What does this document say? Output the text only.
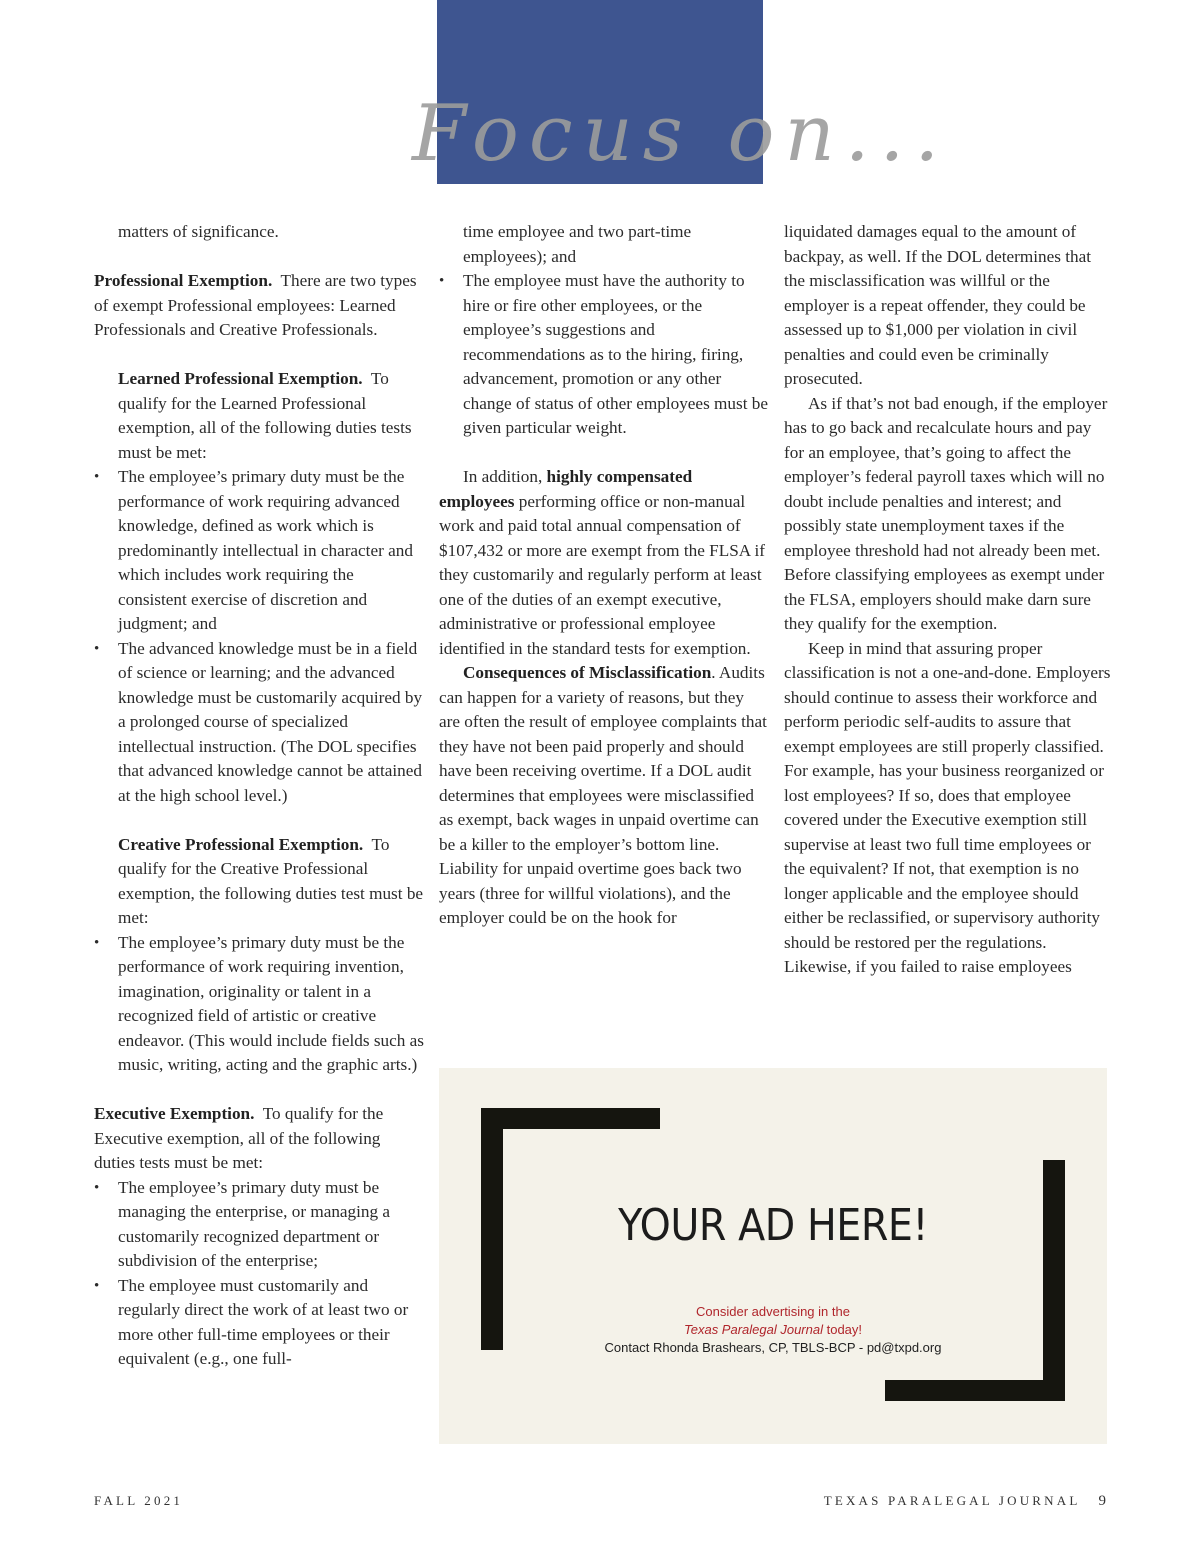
Focus on...

matters of significance.

Professional Exemption. There are two types of exempt Professional employees: Learned Professionals and Creative Professionals.

Learned Professional Exemption. To qualify for the Learned Professional exemption, all of the following duties tests must be met:

• The employee’s primary duty must be the performance of work requiring advanced knowledge, defined as work which is predominantly intellectual in character and which includes work requiring the consistent exercise of discretion and judgment; and
• The advanced knowledge must be in a field of science or learning; and the advanced knowledge must be customarily acquired by a prolonged course of specialized intellectual instruction. (The DOL specifies that advanced knowledge cannot be attained at the high school level.)

Creative Professional Exemption. To qualify for the Creative Professional exemption, the following duties test must be met:

• The employee’s primary duty must be the performance of work requiring invention, imagination, originality or talent in a recognized field of artistic or creative endeavor. (This would include fields such as music, writing, acting and the graphic arts.)

Executive Exemption. To qualify for the Executive exemption, all of the following duties tests must be met:

• The employee’s primary duty must be managing the enterprise, or managing a customarily recognized department or subdivision of the enterprise;
• The employee must customarily and regularly direct the work of at least two or more other full-time employees or their equivalent (e.g., one full-

time employee and two part-time employees); and

• The employee must have the authority to hire or fire other employees, or the employee’s suggestions and recommendations as to the hiring, firing, advancement, promotion or any other change of status of other employees must be given particular weight.

In addition, highly compensated employees performing office or non-manual work and paid total annual compensation of $107,432 or more are exempt from the FLSA if they customarily and regularly perform at least one of the duties of an exempt executive, administrative or professional employee identified in the standard tests for exemption.

Consequences of Misclassification. Audits can happen for a variety of reasons, but they are often the result of employee complaints that they have not been paid properly and should have been receiving overtime. If a DOL audit determines that employees were misclassified as exempt, back wages in unpaid overtime can be a killer to the employer’s bottom line. Liability for unpaid overtime goes back two years (three for willful violations), and the employer could be on the hook for

liquidated damages equal to the amount of backpay, as well. If the DOL determines that the misclassification was willful or the employer is a repeat offender, they could be assessed up to $1,000 per violation in civil penalties and could even be criminally prosecuted.

As if that’s not bad enough, if the employer has to go back and recalculate hours and pay for an employee, that’s going to affect the employer’s federal payroll taxes which will no doubt include penalties and interest; and possibly state unemployment taxes if the employee threshold had not already been met. Before classifying employees as exempt under the FLSA, employers should make darn sure they qualify for the exemption.

Keep in mind that assuring proper classification is not a one-and-done. Employers should continue to assess their workforce and perform periodic self-audits to assure that exempt employees are still properly classified. For example, has your business reorganized or lost employees? If so, does that employee covered under the Executive exemption still supervise at least two full time employees or the equivalent? If not, that exemption is no longer applicable and the employee should either be reclassified, or supervisory authority should be restored per the regulations. Likewise, if you failed to raise employees

YOUR AD HERE!
Consider advertising in the
Texas Paralegal Journal today!
Contact Rhonda Brashears, CP, TBLS-BCP - pd@txpd.org
FALL 2021	TEXAS PARALEGAL JOURNAL 9
